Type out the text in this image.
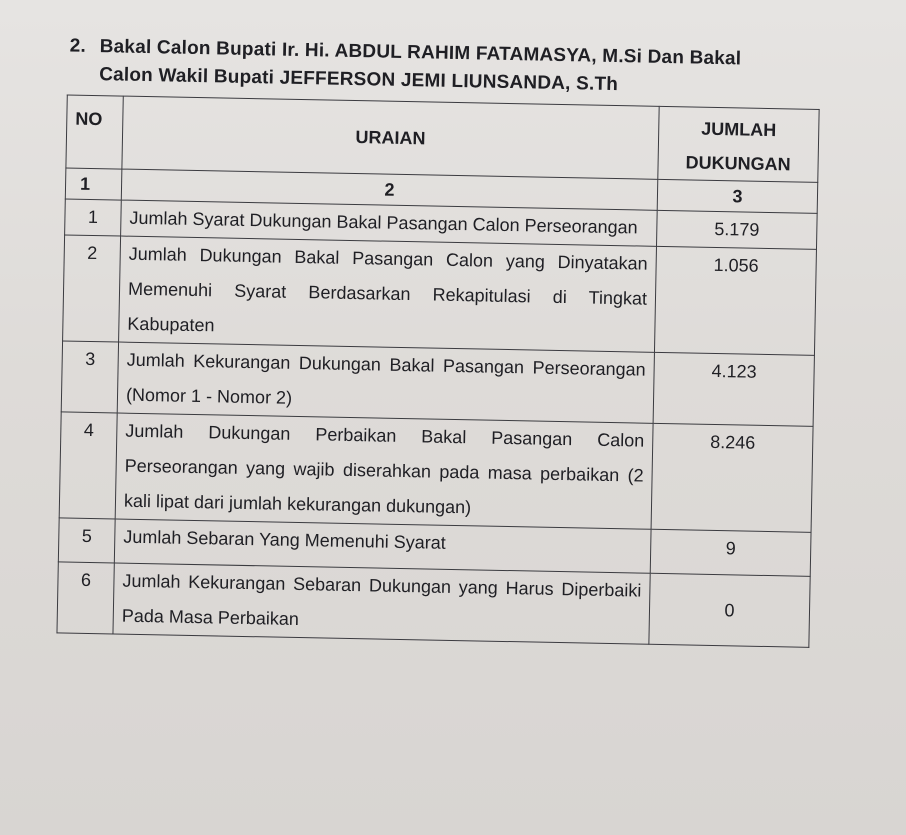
2. Bakal Calon Bupati Ir. Hi. ABDUL RAHIM FATAMASYA, M.Si Dan Bakal
Calon Wakil Bupati JEFFERSON JEMI LIUNSANDA, S.Th
NO	URAIAN	JUMLAH DUKUNGAN
1	2	3
1	Jumlah Syarat Dukungan Bakal Pasangan Calon Perseorangan	5.179
2	Jumlah Dukungan Bakal Pasangan Calon yang Dinyatakan Memenuhi Syarat Berdasarkan Rekapitulasi di Tingkat Kabupaten	1.056
3	Jumlah Kekurangan Dukungan Bakal Pasangan Perseorangan (Nomor 1 - Nomor 2)	4.123
4	Jumlah Dukungan Perbaikan Bakal Pasangan Calon Perseorangan yang wajib diserahkan pada masa perbaikan (2 kali lipat dari jumlah kekurangan dukungan)	8.246
5	Jumlah Sebaran Yang Memenuhi Syarat	9
6	Jumlah Kekurangan Sebaran Dukungan yang Harus Diperbaiki Pada Masa Perbaikan	0
